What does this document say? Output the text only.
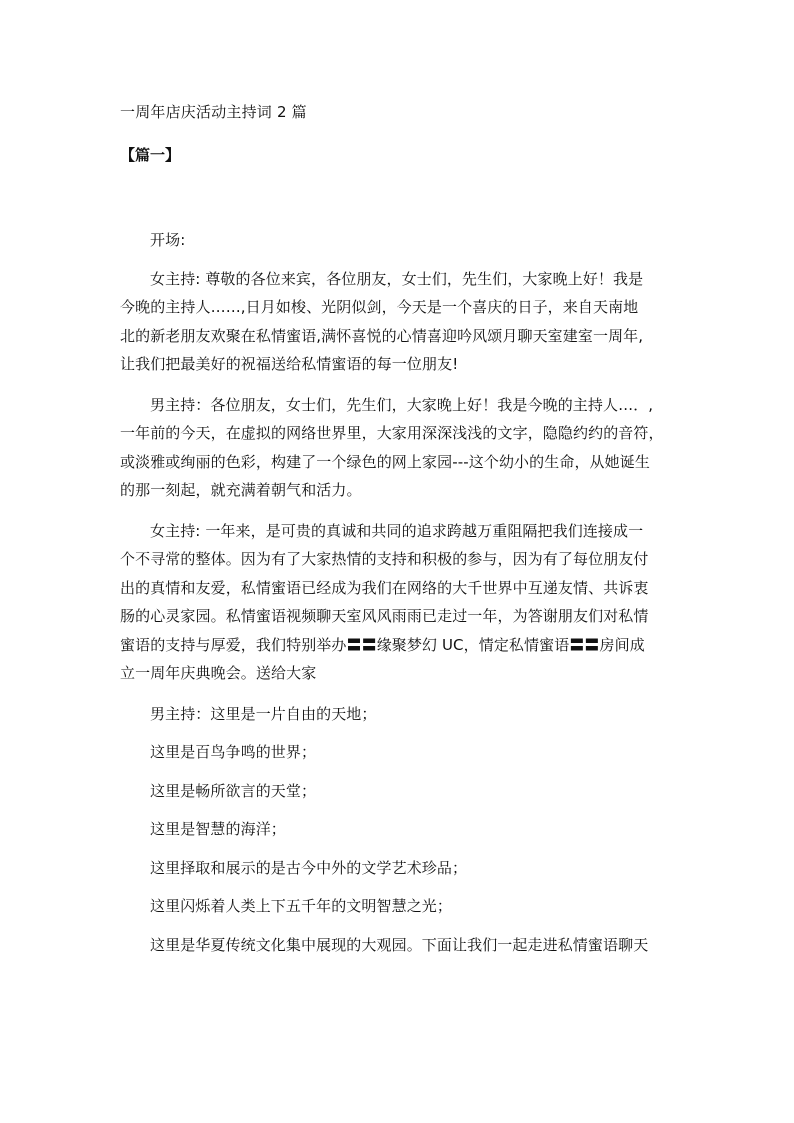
一周年店庆活动主持词 2 篇
【篇一】

开场:

女主持: 尊敬的各位来宾，各位朋友，女士们，先生们，大家晚上好！我是
今晚的主持人……,日月如梭、光阴似剑，今天是一个喜庆的日子，来自天南地
北的新老朋友欢聚在私情蜜语,满怀喜悦的心情喜迎吟风颂月聊天室建室一周年,
让我们把最美好的祝福送给私情蜜语的每一位朋友!

男主持：各位朋友，女士们，先生们，大家晚上好！我是今晚的主持人…．,
一年前的今天，在虚拟的网络世界里，大家用深深浅浅的文字，隐隐约约的音符，
或淡雅或绚丽的色彩，构建了一个绿色的网上家园---这个幼小的生命，从她诞生
的那一刻起，就充满着朝气和活力。

女主持: 一年来，是可贵的真诚和共同的追求跨越万重阻隔把我们连接成一
个不寻常的整体。因为有了大家热情的支持和积极的参与，因为有了每位朋友付
出的真情和友爱，私情蜜语已经成为我们在网络的大千世界中互递友情、共诉衷
肠的心灵家园。私情蜜语视频聊天室风风雨雨已走过一年，为答谢朋友们对私情
蜜语的支持与厚爱，我们特别举办〓〓缘聚梦幻 UC，情定私情蜜语〓〓房间成
立一周年庆典晚会。送给大家

男主持：这里是一片自由的天地；

这里是百鸟争鸣的世界；

这里是畅所欲言的天堂；

这里是智慧的海洋；

这里择取和展示的是古今中外的文学艺术珍品；

这里闪烁着人类上下五千年的文明智慧之光；

这里是华夏传统文化集中展现的大观园。下面让我们一起走进私情蜜语聊天
